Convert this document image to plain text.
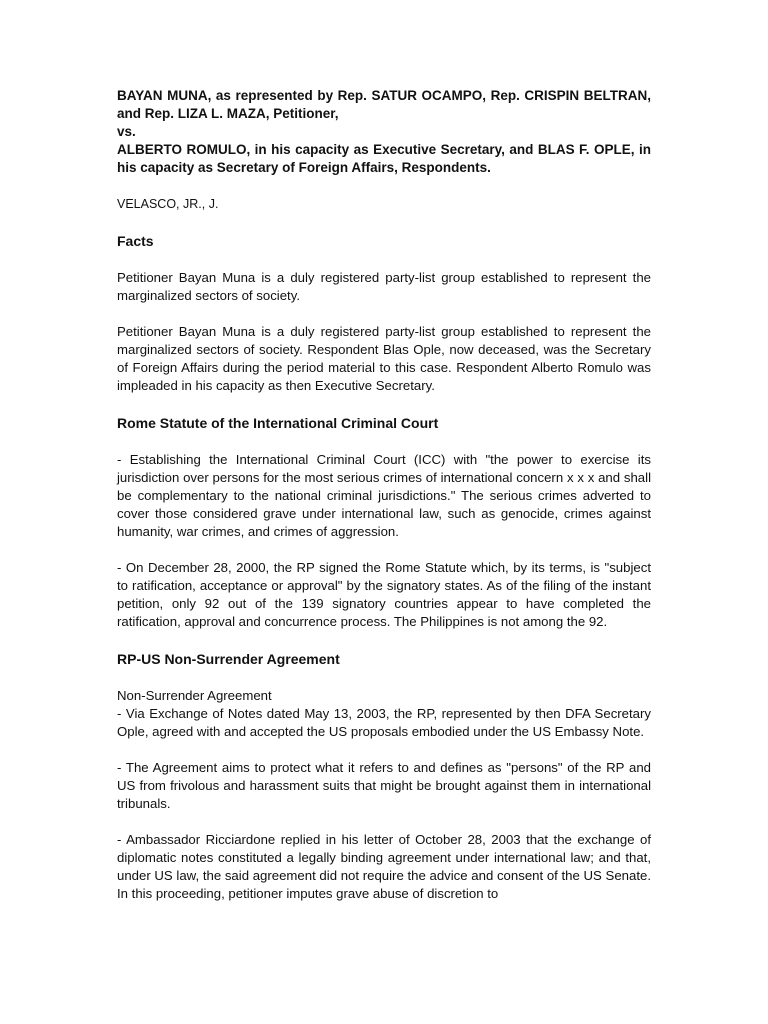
BAYAN MUNA, as represented by Rep. SATUR OCAMPO, Rep. CRISPIN BELTRAN, and Rep. LIZA L. MAZA, Petitioner,
vs.
ALBERTO ROMULO, in his capacity as Executive Secretary, and BLAS F. OPLE, in his capacity as Secretary of Foreign Affairs, Respondents.
VELASCO, JR., J.
Facts

Petitioner Bayan Muna is a duly registered party-list group established to represent the marginalized sectors of society.

Petitioner Bayan Muna is a duly registered party-list group established to represent the marginalized sectors of society. Respondent Blas Ople, now deceased, was the Secretary of Foreign Affairs during the period material to this case. Respondent Alberto Romulo was impleaded in his capacity as then Executive Secretary.

Rome Statute of the International Criminal Court

- Establishing the International Criminal Court (ICC) with "the power to exercise its jurisdiction over persons for the most serious crimes of international concern x x x and shall be complementary to the national criminal jurisdictions." The serious crimes adverted to cover those considered grave under international law, such as genocide, crimes against humanity, war crimes, and crimes of aggression.

- On December 28, 2000, the RP signed the Rome Statute which, by its terms, is "subject to ratification, acceptance or approval" by the signatory states. As of the filing of the instant petition, only 92 out of the 139 signatory countries appear to have completed the ratification, approval and concurrence process. The Philippines is not among the 92.

RP-US Non-Surrender Agreement

Non-Surrender Agreement

- Via Exchange of Notes dated May 13, 2003, the RP, represented by then DFA Secretary Ople, agreed with and accepted the US proposals embodied under the US Embassy Note.

- The Agreement aims to protect what it refers to and defines as "persons" of the RP and US from frivolous and harassment suits that might be brought against them in international tribunals.

- Ambassador Ricciardone replied in his letter of October 28, 2003 that the exchange of diplomatic notes constituted a legally binding agreement under international law; and that, under US law, the said agreement did not require the advice and consent of the US Senate. In this proceeding, petitioner imputes grave abuse of discretion to
